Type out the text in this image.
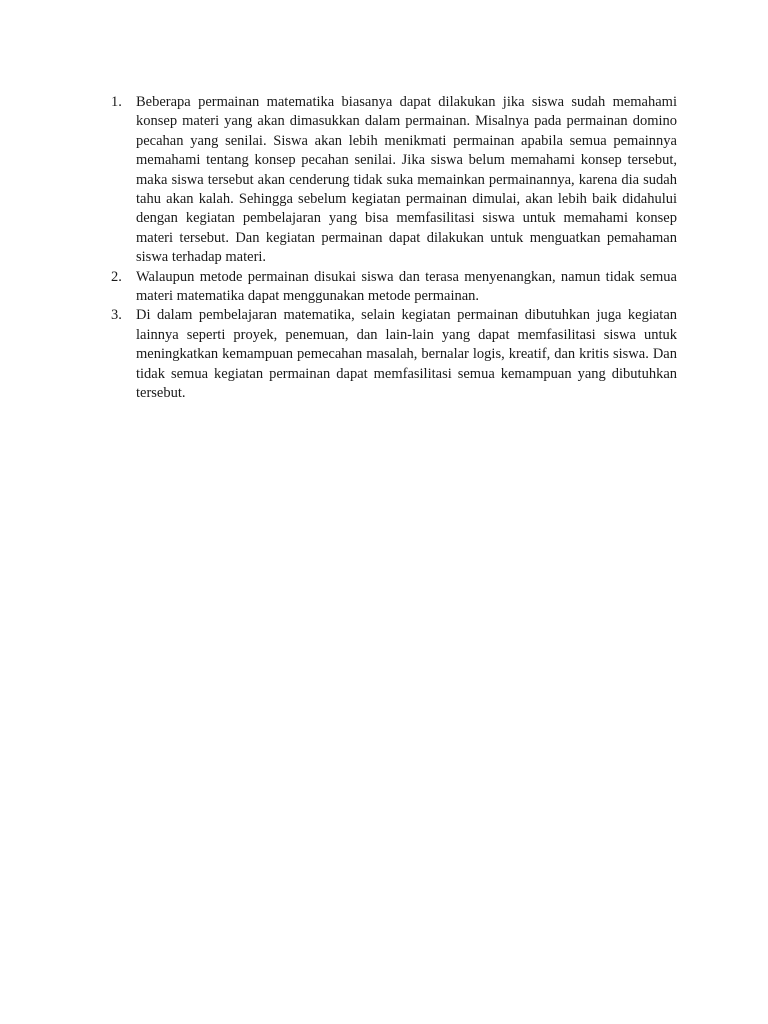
1. Beberapa permainan matematika biasanya dapat dilakukan jika siswa sudah memahami konsep materi yang akan dimasukkan dalam permainan. Misalnya pada permainan domino pecahan yang senilai. Siswa akan lebih menikmati permainan apabila semua pemainnya memahami tentang konsep pecahan senilai. Jika siswa belum memahami konsep tersebut, maka siswa tersebut akan cenderung tidak suka memainkan permainannya, karena dia sudah tahu akan kalah. Sehingga sebelum kegiatan permainan dimulai, akan lebih baik didahului dengan kegiatan pembelajaran yang bisa memfasilitasi siswa untuk memahami konsep materi tersebut. Dan kegiatan permainan dapat dilakukan untuk menguatkan pemahaman siswa terhadap materi.
2. Walaupun metode permainan disukai siswa dan terasa menyenangkan, namun tidak semua materi matematika dapat menggunakan metode permainan.
3. Di dalam pembelajaran matematika, selain kegiatan permainan dibutuhkan juga kegiatan lainnya seperti proyek, penemuan, dan lain-lain yang dapat memfasilitasi siswa untuk meningkatkan kemampuan pemecahan masalah, bernalar logis, kreatif, dan kritis siswa. Dan tidak semua kegiatan permainan dapat memfasilitasi semua kemampuan yang dibutuhkan tersebut.
